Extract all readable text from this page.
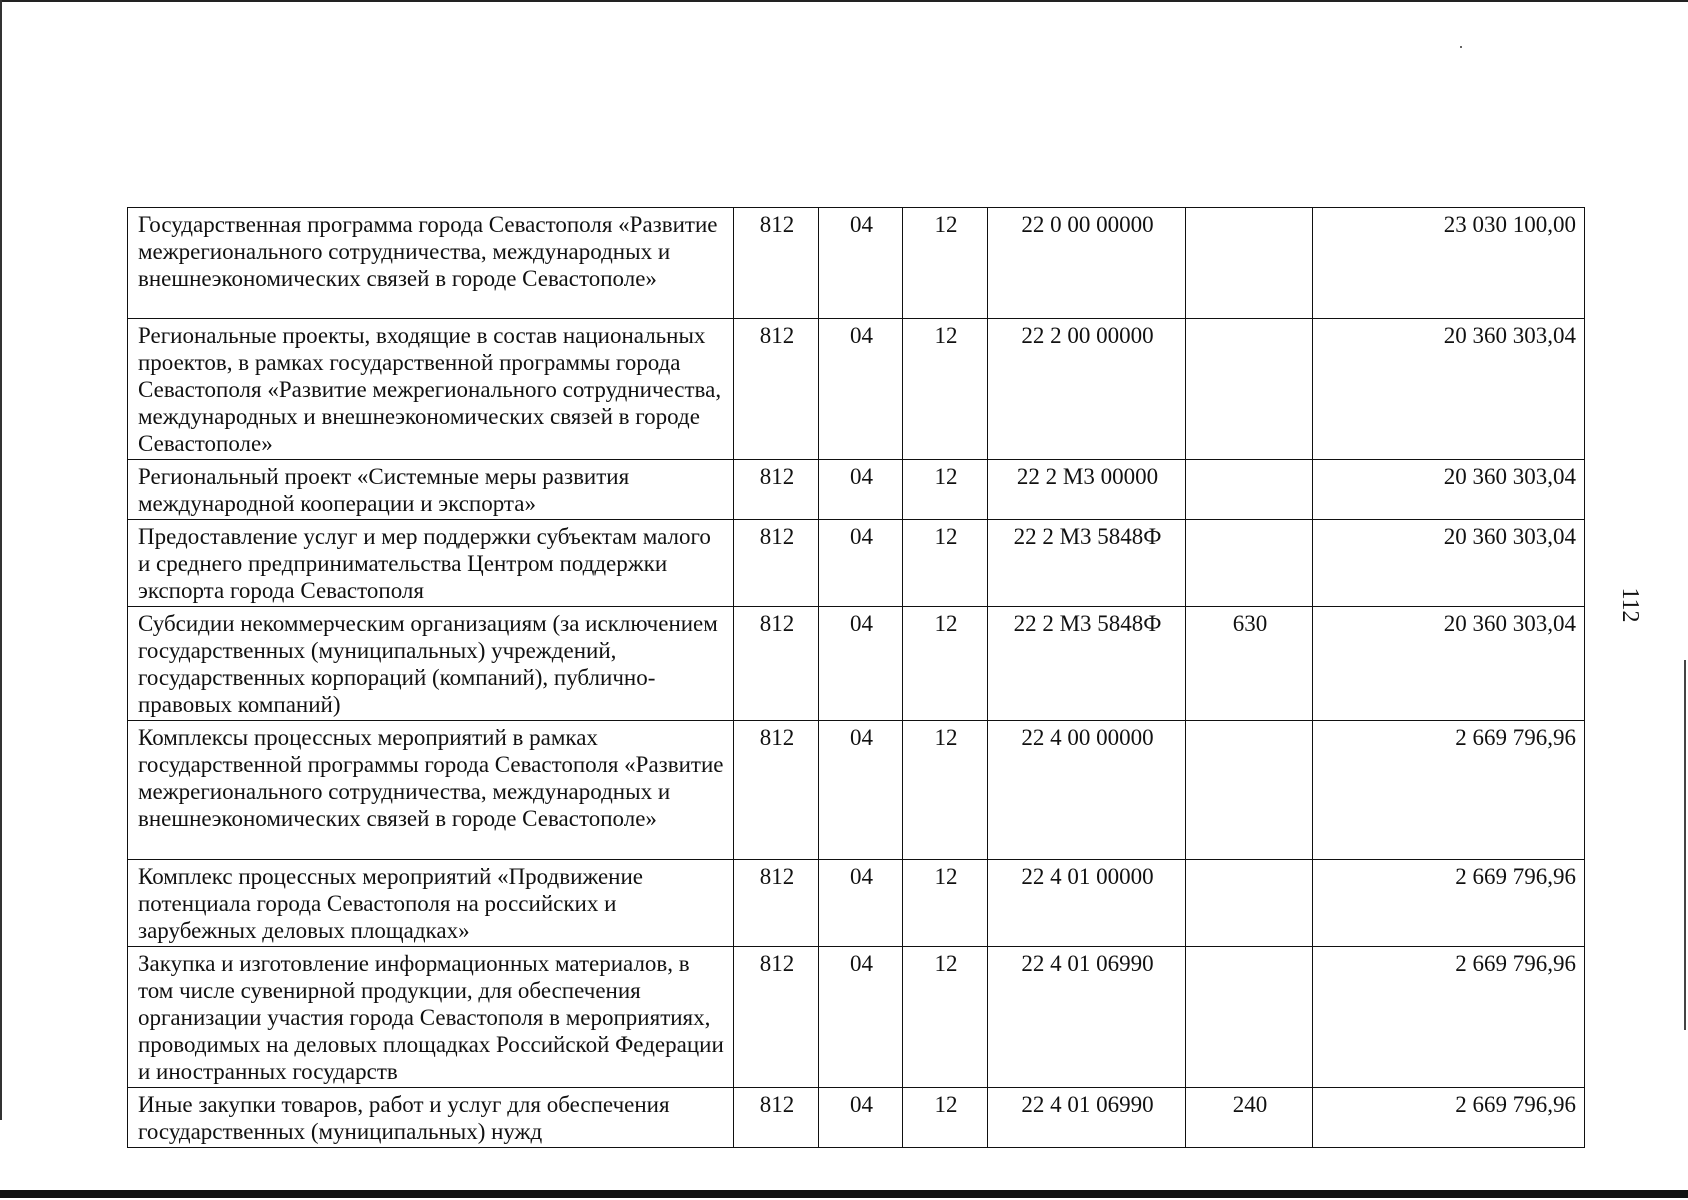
112
Государственная программа города Севастополя «Развитие межрегионального сотрудничества, международных и внешнеэкономических связей в городе Севастополе»	812	04	12	22 0 00 00000		23 030 100,00
Региональные проекты, входящие в состав национальных проектов, в рамках государственной программы города Севастополя «Развитие межрегионального сотрудничества, международных и внешнеэкономических связей в городе Севастополе»	812	04	12	22 2 00 00000		20 360 303,04
Региональный проект «Системные меры развития международной кооперации и экспорта»	812	04	12	22 2 М3 00000		20 360 303,04
Предоставление услуг и мер поддержки субъектам малого и среднего предпринимательства Центром поддержки экспорта города Севастополя	812	04	12	22 2 М3 5848Ф		20 360 303,04
Субсидии некоммерческим организациям (за исключением государственных (муниципальных) учреждений, государственных корпораций (компаний), публично-правовых компаний)	812	04	12	22 2 М3 5848Ф	630	20 360 303,04
Комплексы процессных мероприятий в рамках государственной программы города Севастополя «Развитие межрегионального сотрудничества, международных и внешнеэкономических связей в городе Севастополе»	812	04	12	22 4 00 00000		2 669 796,96
Комплекс процессных мероприятий «Продвижение потенциала города Севастополя на российских и зарубежных деловых площадках»	812	04	12	22 4 01 00000		2 669 796,96
Закупка и изготовление информационных материалов, в том числе сувенирной продукции, для обеспечения организации участия города Севастополя в мероприятиях, проводимых на деловых площадках Российской Федерации и иностранных государств	812	04	12	22 4 01 06990		2 669 796,96
Иные закупки товаров, работ и услуг для обеспечения государственных (муниципальных) нужд	812	04	12	22 4 01 06990	240	2 669 796,96
